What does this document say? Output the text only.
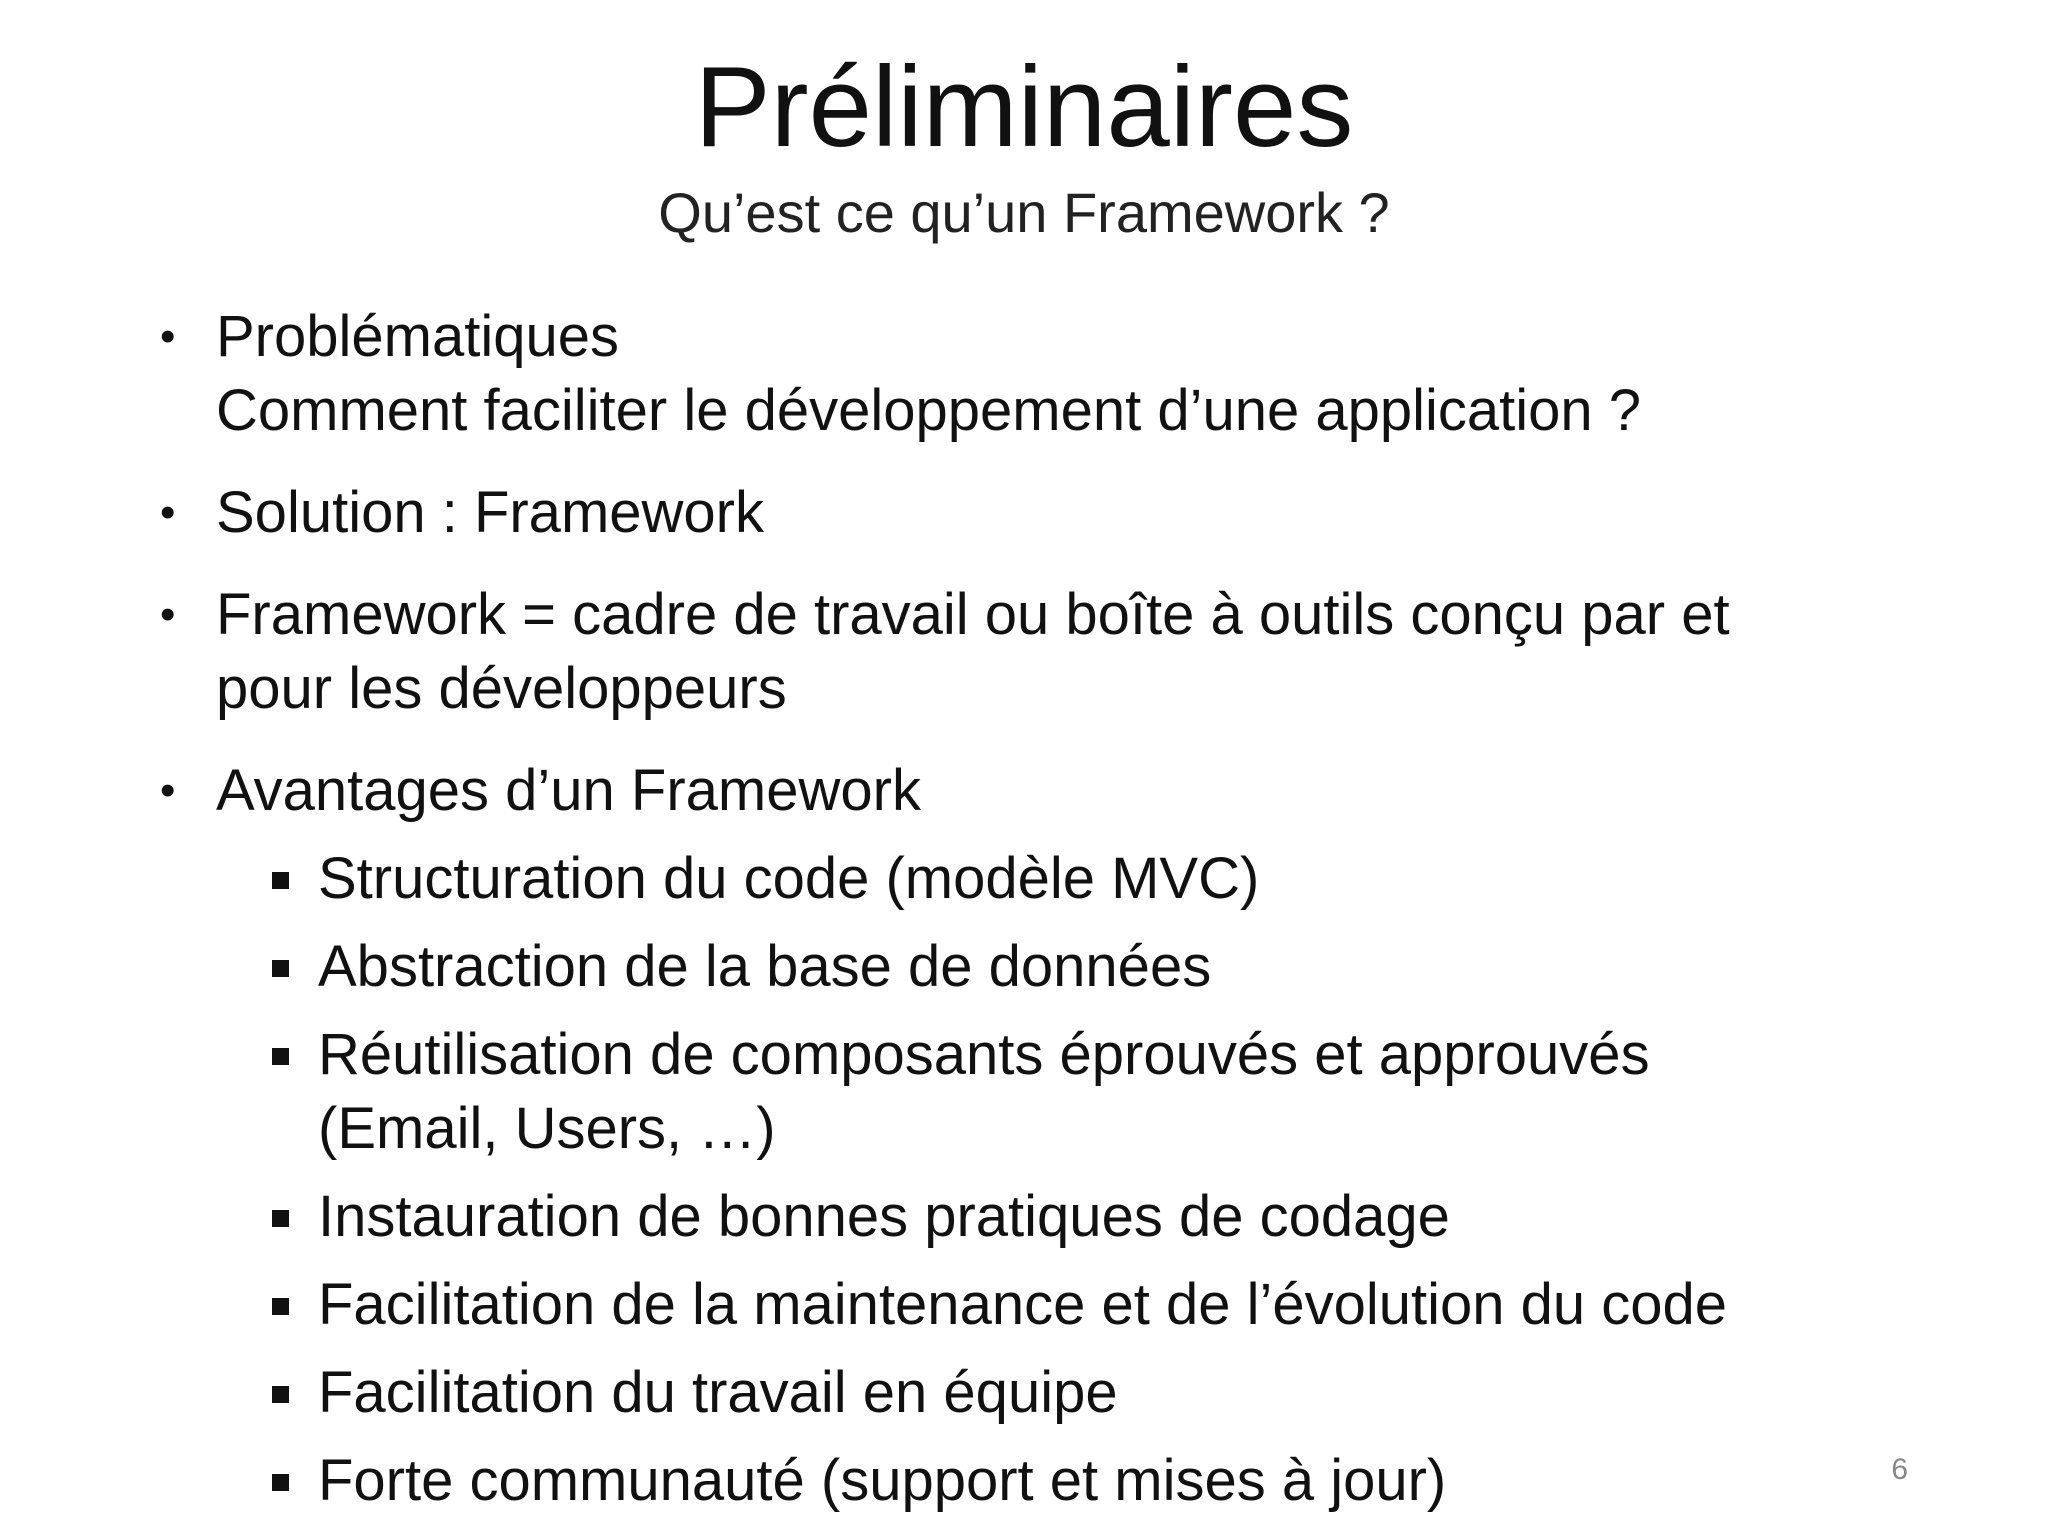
Préliminaires
Qu’est ce qu’un Framework ?
• Problématiques
Comment faciliter le développement d’une application ?
• Solution : Framework
• Framework = cadre de travail ou boîte à outils conçu par et
pour les développeurs
• Avantages d’un Framework
Structuration du code (modèle MVC)
Abstraction de la base de données
Réutilisation de composants éprouvés et approuvés
(Email, Users, …)
Instauration de bonnes pratiques de codage
Facilitation de la maintenance et de l’évolution du code
Facilitation du travail en équipe
Forte communauté (support et mises à jour)	6
